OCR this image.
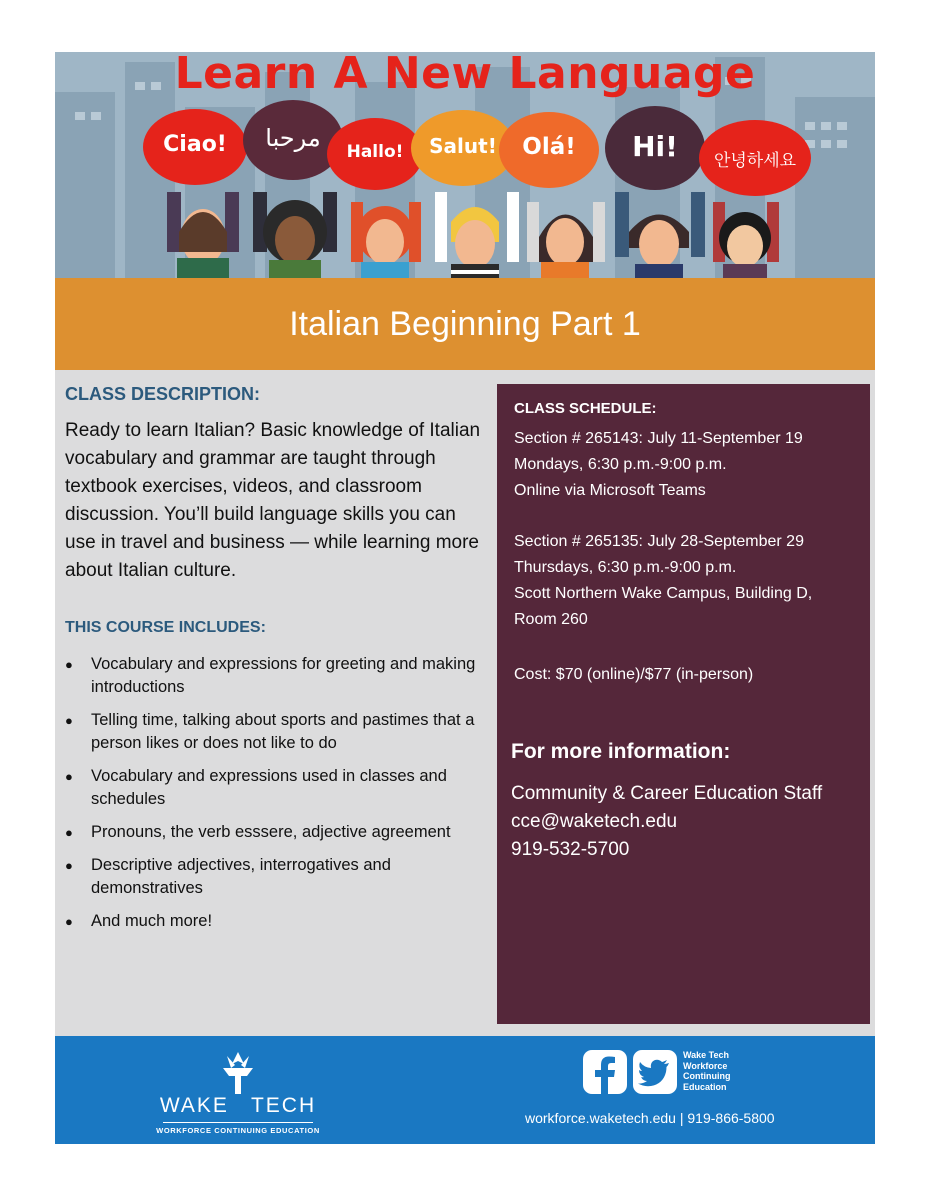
Learn A New Language
Ciao!	مرحبا	Hallo!	Salut!	Olá!	Hi!	안녕하세요
Italian Beginning Part 1
CLASS DESCRIPTION:
Ready to learn Italian? Basic knowledge of Italian vocabulary and grammar are taught through textbook exercises, videos, and classroom discussion. You’ll build language skills you can use in travel and business — while learning more about Italian culture.
THIS COURSE INCLUDES:
● Vocabulary and expressions for greeting and making introductions
● Telling time, talking about sports and pastimes that a person likes or does not like to do
● Vocabulary and expressions used in classes and schedules
● Pronouns, the verb esssere, adjective agreement
● Descriptive adjectives, interrogatives and demonstratives
● And much more!
CLASS SCHEDULE:
Section # 265143: July 11-September 19
Mondays, 6:30 p.m.-9:00 p.m.
Online via Microsoft Teams
Section # 265135: July 28-September 29
Thursdays, 6:30 p.m.-9:00 p.m.
Scott Northern Wake Campus, Building D,
Room 260
Cost: $70 (online)/$77 (in-person)
For more information:
Community & Career Education Staff
cce@waketech.edu
919-532-5700
WAKE TECH
WORKFORCE CONTINUING EDUCATION
Wake Tech
Workforce
Continuing
Education
workforce.waketech.edu | 919-866-5800
